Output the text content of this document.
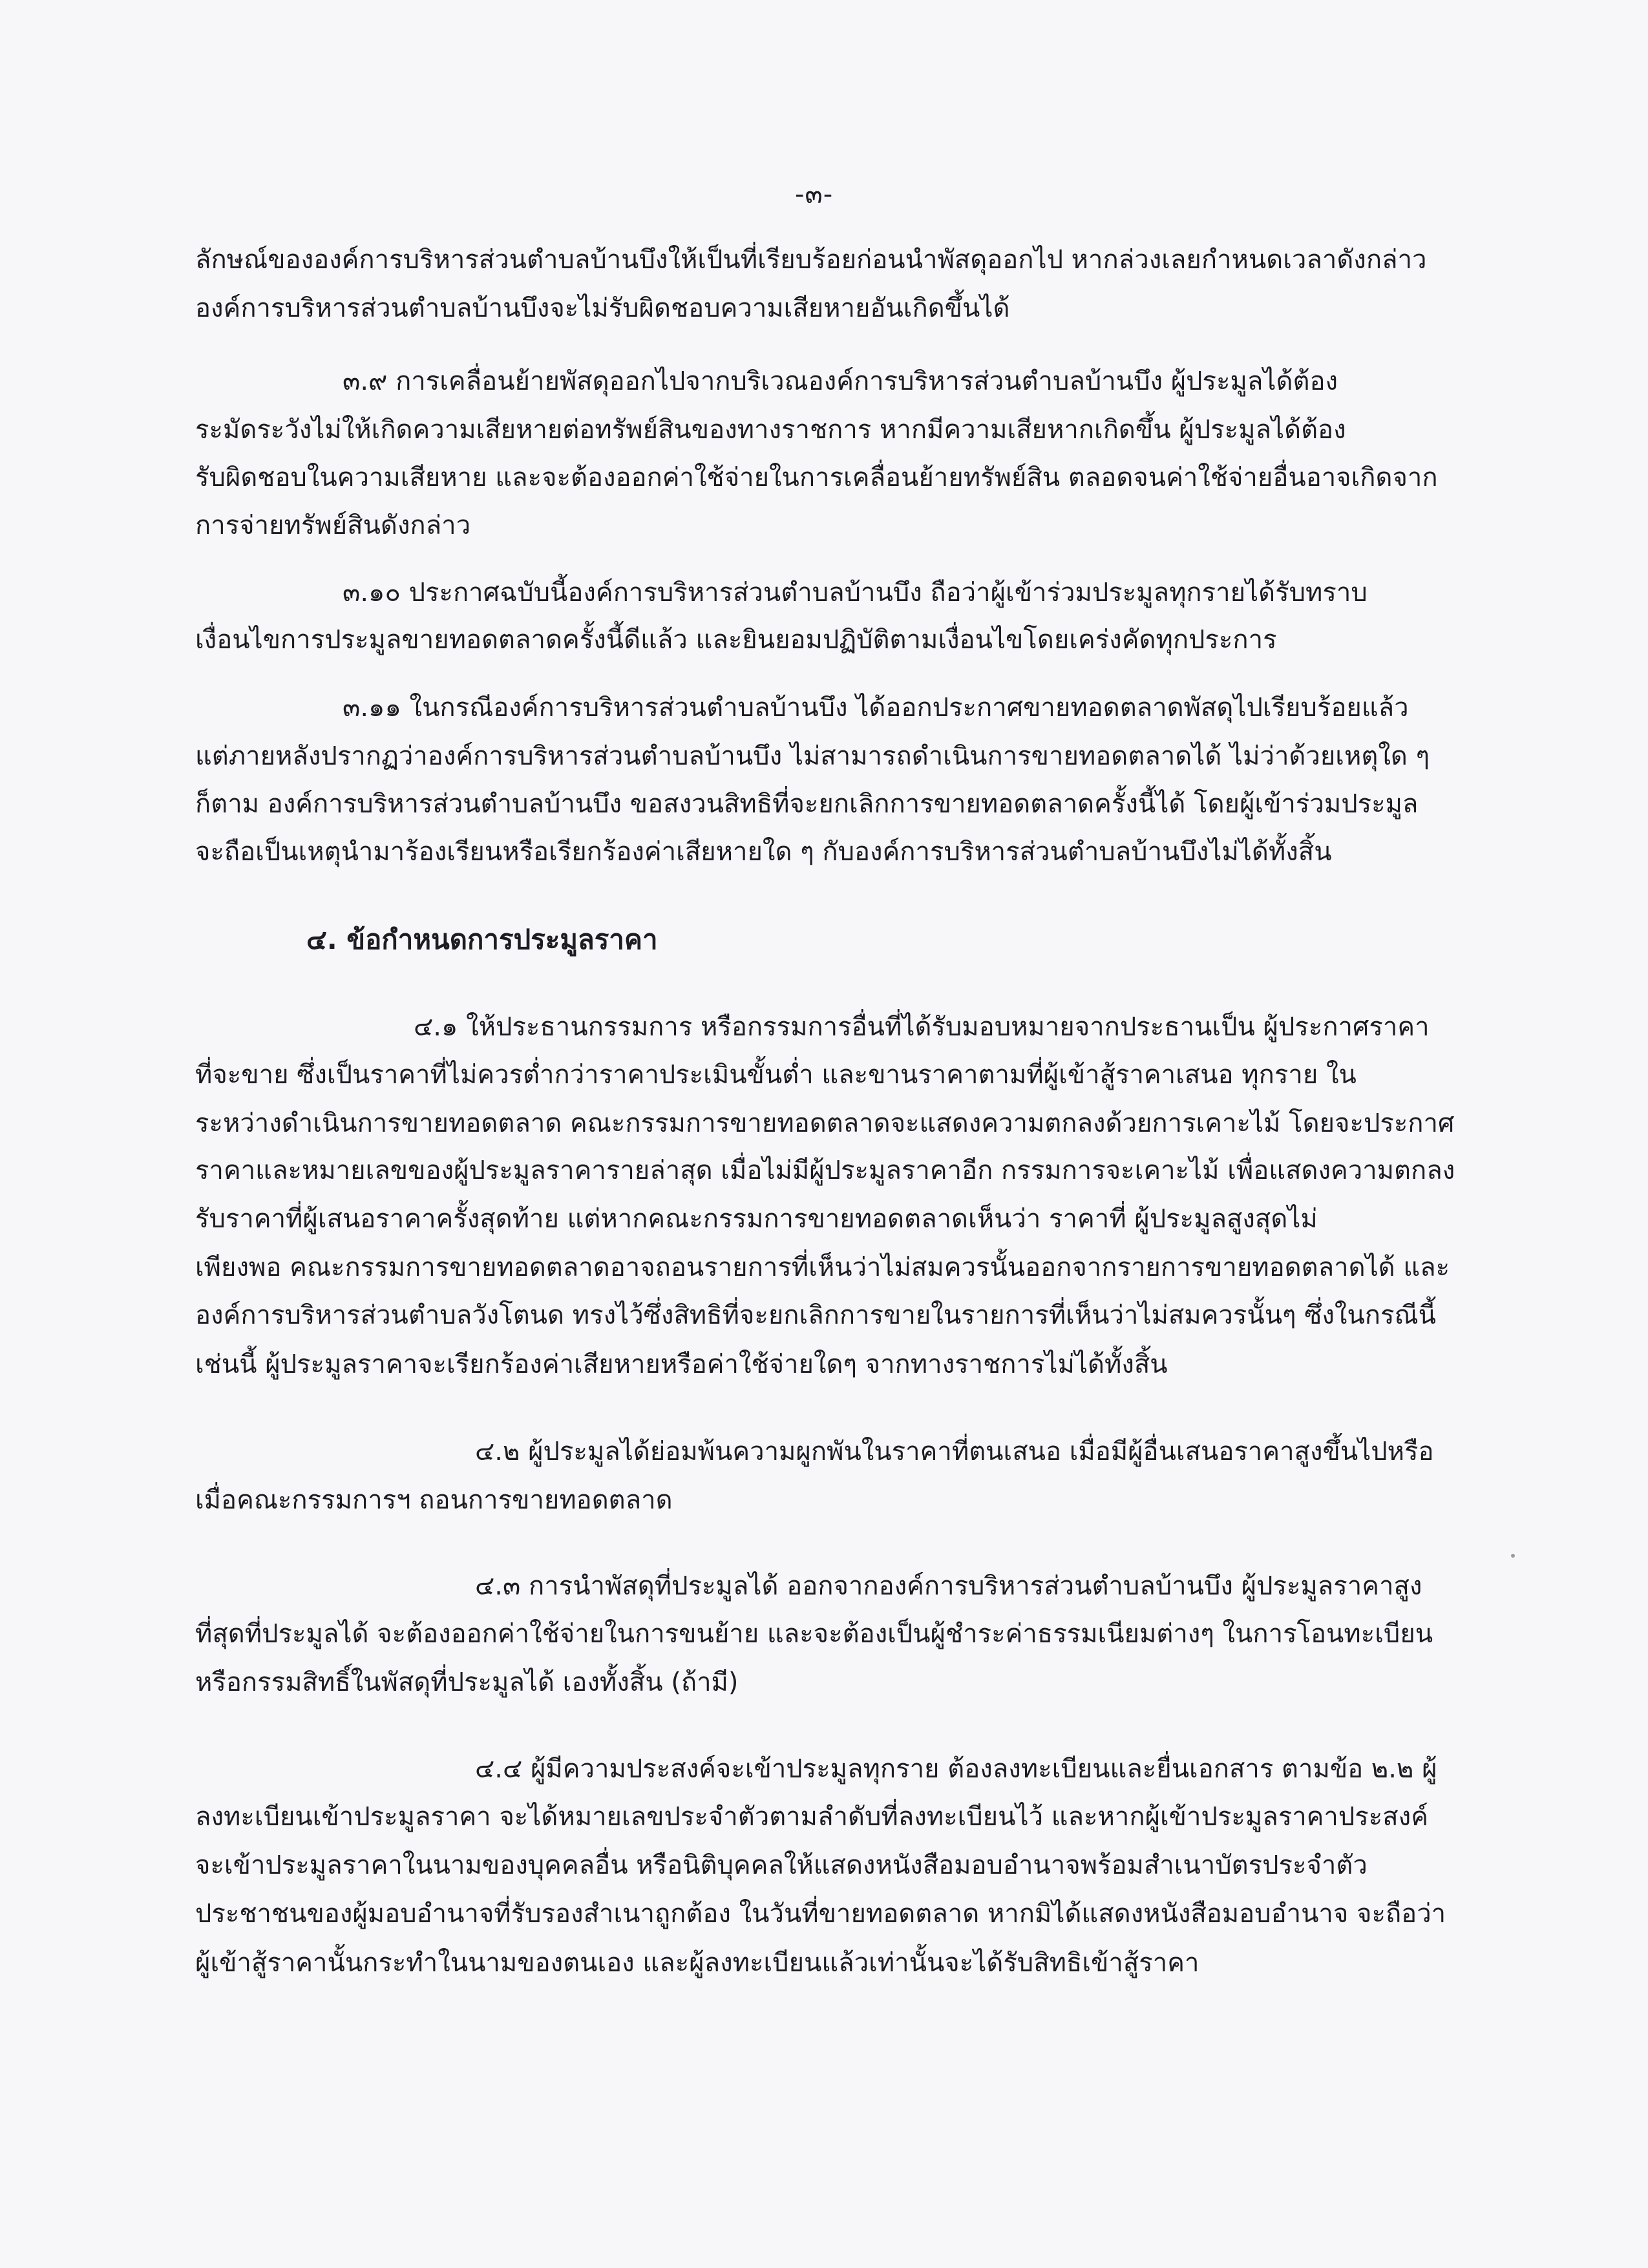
-๓-
ลักษณ์ขององค์การบริหารส่วนตำบลบ้านบึงให้เป็นที่เรียบร้อยก่อนนำพัสดุออกไป หากล่วงเลยกำหนดเวลาดังกล่าว
องค์การบริหารส่วนตำบลบ้านบึงจะไม่รับผิดชอบความเสียหายอันเกิดขึ้นได้
๓.๙ การเคลื่อนย้ายพัสดุออกไปจากบริเวณองค์การบริหารส่วนตำบลบ้านบึง ผู้ประมูลได้ต้อง
ระมัดระวังไม่ให้เกิดความเสียหายต่อทรัพย์สินของทางราชการ หากมีความเสียหากเกิดขึ้น ผู้ประมูลได้ต้อง
รับผิดชอบในความเสียหาย และจะต้องออกค่าใช้จ่ายในการเคลื่อนย้ายทรัพย์สิน ตลอดจนค่าใช้จ่ายอื่นอาจเกิดจาก
การจ่ายทรัพย์สินดังกล่าว
๓.๑๐ ประกาศฉบับนี้องค์การบริหารส่วนตำบลบ้านบึง ถือว่าผู้เข้าร่วมประมูลทุกรายได้รับทราบ
เงื่อนไขการประมูลขายทอดตลาดครั้งนี้ดีแล้ว และยินยอมปฏิบัติตามเงื่อนไขโดยเคร่งคัดทุกประการ
๓.๑๑ ในกรณีองค์การบริหารส่วนตำบลบ้านบึง ได้ออกประกาศขายทอดตลาดพัสดุไปเรียบร้อยแล้ว
แต่ภายหลังปรากฏว่าองค์การบริหารส่วนตำบลบ้านบึง ไม่สามารถดำเนินการขายทอดตลาดได้ ไม่ว่าด้วยเหตุใด ๆ
ก็ตาม องค์การบริหารส่วนตำบลบ้านบึง ขอสงวนสิทธิที่จะยกเลิกการขายทอดตลาดครั้งนี้ได้ โดยผู้เข้าร่วมประมูล
จะถือเป็นเหตุนำมาร้องเรียนหรือเรียกร้องค่าเสียหายใด ๆ กับองค์การบริหารส่วนตำบลบ้านบึงไม่ได้ทั้งสิ้น
๔. ข้อกำหนดการประมูลราคา
๔.๑ ให้ประธานกรรมการ หรือกรรมการอื่นที่ได้รับมอบหมายจากประธานเป็น ผู้ประกาศราคา
ที่จะขาย ซึ่งเป็นราคาที่ไม่ควรต่ำกว่าราคาประเมินขั้นต่ำ และขานราคาตามที่ผู้เข้าสู้ราคาเสนอ ทุกราย ใน
ระหว่างดำเนินการขายทอดตลาด คณะกรรมการขายทอดตลาดจะแสดงความตกลงด้วยการเคาะไม้ โดยจะประกาศ
ราคาและหมายเลขของผู้ประมูลราคารายล่าสุด เมื่อไม่มีผู้ประมูลราคาอีก กรรมการจะเคาะไม้ เพื่อแสดงความตกลง
รับราคาที่ผู้เสนอราคาครั้งสุดท้าย แต่หากคณะกรรมการขายทอดตลาดเห็นว่า ราคาที่ ผู้ประมูลสูงสุดไม่
เพียงพอ คณะกรรมการขายทอดตลาดอาจถอนรายการที่เห็นว่าไม่สมควรนั้นออกจากรายการขายทอดตลาดได้ และ
องค์การบริหารส่วนตำบลวังโตนด ทรงไว้ซึ่งสิทธิที่จะยกเลิกการขายในรายการที่เห็นว่าไม่สมควรนั้นๆ ซึ่งในกรณีนี้
เช่นนี้ ผู้ประมูลราคาจะเรียกร้องค่าเสียหายหรือค่าใช้จ่ายใดๆ จากทางราชการไม่ได้ทั้งสิ้น
๔.๒ ผู้ประมูลได้ย่อมพ้นความผูกพันในราคาที่ตนเสนอ เมื่อมีผู้อื่นเสนอราคาสูงขึ้นไปหรือ
เมื่อคณะกรรมการฯ ถอนการขายทอดตลาด
๔.๓ การนำพัสดุที่ประมูลได้ ออกจากองค์การบริหารส่วนตำบลบ้านบึง ผู้ประมูลราคาสูง
ที่สุดที่ประมูลได้ จะต้องออกค่าใช้จ่ายในการขนย้าย และจะต้องเป็นผู้ชำระค่าธรรมเนียมต่างๆ ในการโอนทะเบียน
หรือกรรมสิทธิ์ในพัสดุที่ประมูลได้ เองทั้งสิ้น (ถ้ามี)
๔.๔ ผู้มีความประสงค์จะเข้าประมูลทุกราย ต้องลงทะเบียนและยื่นเอกสาร ตามข้อ ๒.๒ ผู้
ลงทะเบียนเข้าประมูลราคา จะได้หมายเลขประจำตัวตามลำดับที่ลงทะเบียนไว้ และหากผู้เข้าประมูลราคาประสงค์
จะเข้าประมูลราคาในนามของบุคคลอื่น หรือนิติบุคคลให้แสดงหนังสือมอบอำนาจพร้อมสำเนาบัตรประจำตัว
ประชาชนของผู้มอบอำนาจที่รับรองสำเนาถูกต้อง ในวันที่ขายทอดตลาด หากมิได้แสดงหนังสือมอบอำนาจ จะถือว่า
ผู้เข้าสู้ราคานั้นกระทำในนามของตนเอง และผู้ลงทะเบียนแล้วเท่านั้นจะได้รับสิทธิเข้าสู้ราคา
